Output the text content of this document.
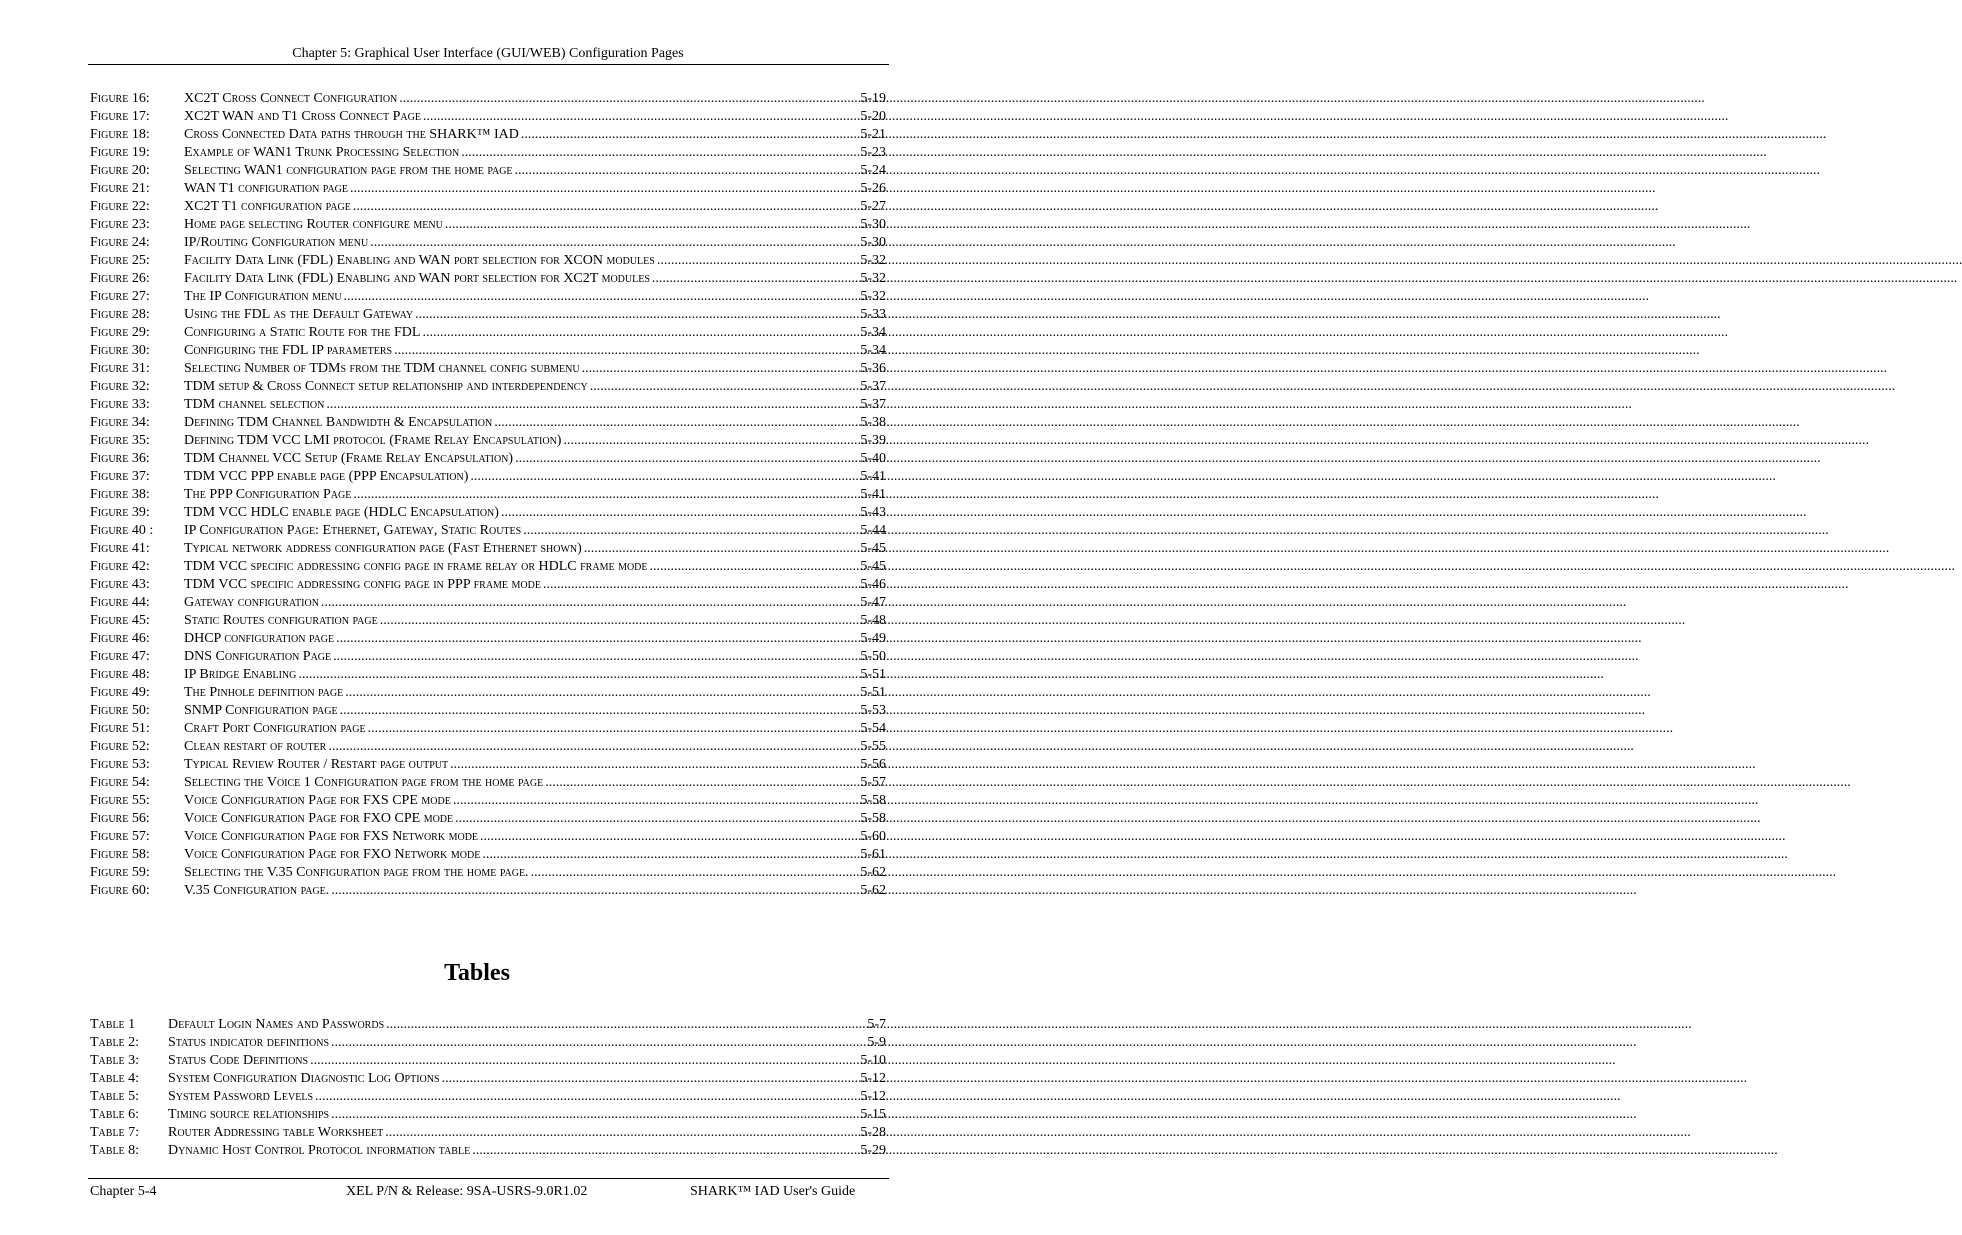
Chapter 5: Graphical User Interface (GUI/WEB) Configuration Pages
Figure 16:	XC2T Cross Connect Configuration .....	5-19
Figure 17:	XC2T WAN and T1 Cross Connect Page .....	5-20
Figure 18:	Cross Connected Data paths through the SHARK™ IAD .....	5-21
Figure 19:	Example of WAN1 Trunk Processing Selection .....	5-23
Figure 20:	Selecting WAN1 configuration page from the home page .....	5-24
Figure 21:	WAN T1 configuration page .....	5-26
Figure 22:	XC2T T1 configuration page .....	5-27
Figure 23:	Home page selecting Router configure menu .....	5-30
Figure 24:	IP/Routing Configuration menu .....	5-30
Figure 25:	Facility Data Link (FDL) Enabling and WAN port selection for XCON modules .....	5-32
Figure 26:	Facility Data Link (FDL) Enabling and WAN port selection for XC2T modules .....	5-32
Figure 27:	The IP Configuration menu .....	5-32
Figure 28:	Using the FDL as the Default Gateway .....	5-33
Figure 29:	Configuring a Static Route for the FDL .....	5-34
Figure 30:	Configuring the FDL IP parameters .....	5-34
Figure 31:	Selecting Number of TDMs from the TDM channel config submenu .....	5-36
Figure 32:	TDM setup & Cross Connect setup relationship and interdependency .....	5-37
Figure 33:	TDM channel selection .....	5-37
Figure 34:	Defining TDM Channel Bandwidth & Encapsulation .....	5-38
Figure 35:	Defining TDM VCC LMI protocol (Frame Relay Encapsulation) .....	5-39
Figure 36:	TDM Channel VCC Setup (Frame Relay Encapsulation) .....	5-40
Figure 37:	TDM VCC PPP enable page (PPP Encapsulation) .....	5-41
Figure 38:	The PPP Configuration Page .....	5-41
Figure 39:	TDM VCC HDLC enable page (HDLC Encapsulation) .....	5-43
Figure 40 :	IP Configuration Page: Ethernet, Gateway, Static Routes .....	5-44
Figure 41:	Typical network address configuration page (Fast Ethernet shown) .....	5-45
Figure 42:	TDM VCC specific addressing config page in frame relay or HDLC frame mode .....	5-45
Figure 43:	TDM VCC specific addressing config page in PPP frame mode .....	5-46
Figure 44:	Gateway configuration .....	5-47
Figure 45:	Static Routes configuration page .....	5-48
Figure 46:	DHCP configuration page .....	5-49
Figure 47:	DNS Configuration Page .....	5-50
Figure 48:	IP Bridge Enabling .....	5-51
Figure 49:	The Pinhole definition page .....	5-51
Figure 50:	SNMP Configuration page .....	5-53
Figure 51:	Craft Port Configuration page .....	5-54
Figure 52:	Clean restart of router .....	5-55
Figure 53:	Typical Review Router / Restart page output .....	5-56
Figure 54:	Selecting the Voice 1 Configuration page from the home page .....	5-57
Figure 55:	Voice Configuration Page for FXS CPE mode .....	5-58
Figure 56:	Voice Configuration Page for FXO CPE mode .....	5-58
Figure 57:	Voice Configuration Page for FXS Network mode .....	5-60
Figure 58:	Voice Configuration Page for FXO Network mode .....	5-61
Figure 59:	Selecting the V.35 Configuration page from the home page. .....	5-62
Figure 60:	V.35 Configuration page. .....	5-62
Tables
Table 1	Default Login Names and Passwords .....	5-7
Table 2:	Status indicator definitions .....	5-9
Table 3:	Status Code Definitions .....	5-10
Table 4:	System Configuration Diagnostic Log Options .....	5-12
Table 5:	System Password Levels .....	5-12
Table 6:	Timing source relationships .....	5-15
Table 7:	Router Addressing table Worksheet .....	5-28
Table 8:	Dynamic Host Control Protocol information table .....	5-29
Chapter 5-4	XEL P/N & Release: 9SA-USRS-9.0R1.02	SHARK™ IAD User's Guide
